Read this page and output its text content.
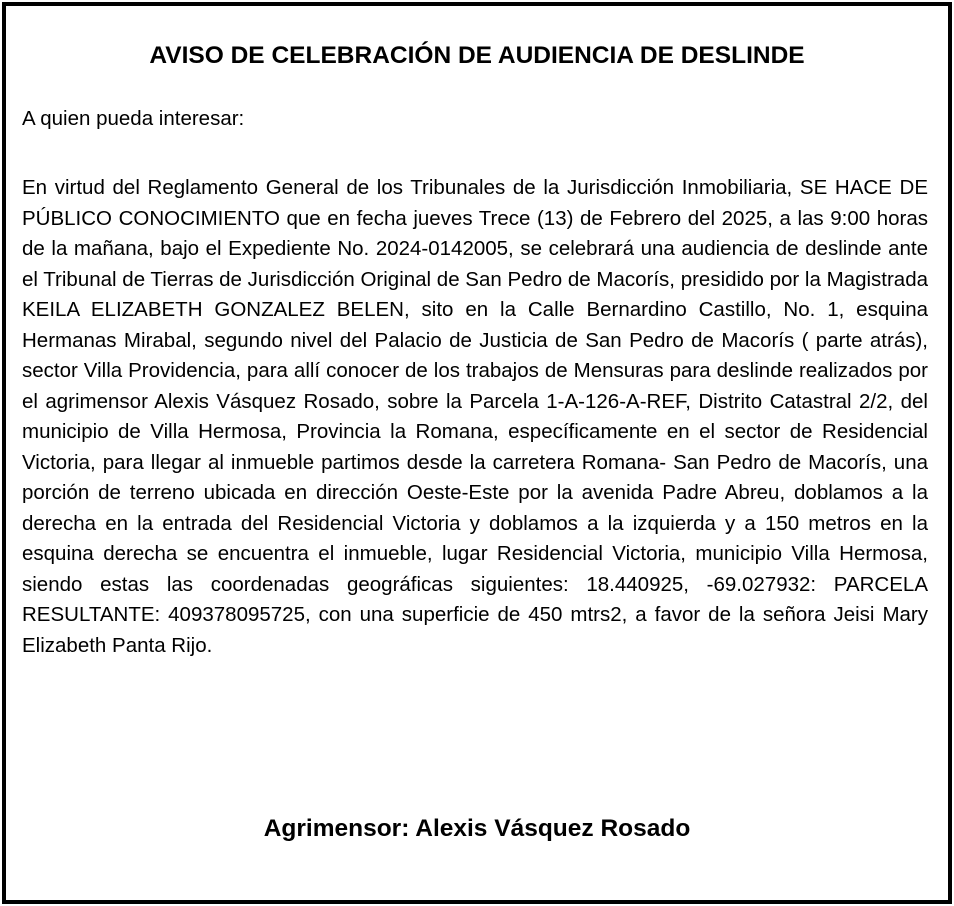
AVISO DE CELEBRACIÓN DE AUDIENCIA DE DESLINDE

A quien pueda interesar:

En virtud del Reglamento General de los Tribunales de la Jurisdicción Inmobiliaria, SE HACE DE PÚBLICO CONOCIMIENTO que en fecha jueves Trece (13) de Febrero del 2025, a las 9:00 horas de la mañana, bajo el Expediente No. 2024-0142005, se celebrará una audiencia de deslinde ante el Tribunal de Tierras de Jurisdicción Original de San Pedro de Macorís, presidido por la Magistrada KEILA ELIZABETH GONZALEZ BELEN, sito en la Calle Bernardino Castillo, No. 1, esquina Hermanas Mirabal, segundo nivel del Palacio de Justicia de San Pedro de Macorís ( parte atrás), sector Villa Providencia, para allí conocer de los trabajos de Mensuras para deslinde realizados por el agrimensor Alexis Vásquez Rosado, sobre la Parcela 1-A-126-A-REF, Distrito Catastral 2/2, del municipio de Villa Hermosa, Provincia la Romana, específicamente en el sector de Residencial Victoria, para llegar al inmueble partimos desde la carretera Romana- San Pedro de Macorís, una porción de terreno ubicada en dirección Oeste-Este por la avenida Padre Abreu, doblamos a la derecha en la entrada del Residencial Victoria y doblamos a la izquierda y a 150 metros en la esquina derecha se encuentra el inmueble, lugar Residencial Victoria, municipio Villa Hermosa, siendo estas las coordenadas geográficas siguientes: 18.440925, -69.027932: PARCELA RESULTANTE: 409378095725, con una superficie de 450 mtrs2, a favor de la señora Jeisi Mary Elizabeth Panta Rijo.

Agrimensor: Alexis Vásquez Rosado
